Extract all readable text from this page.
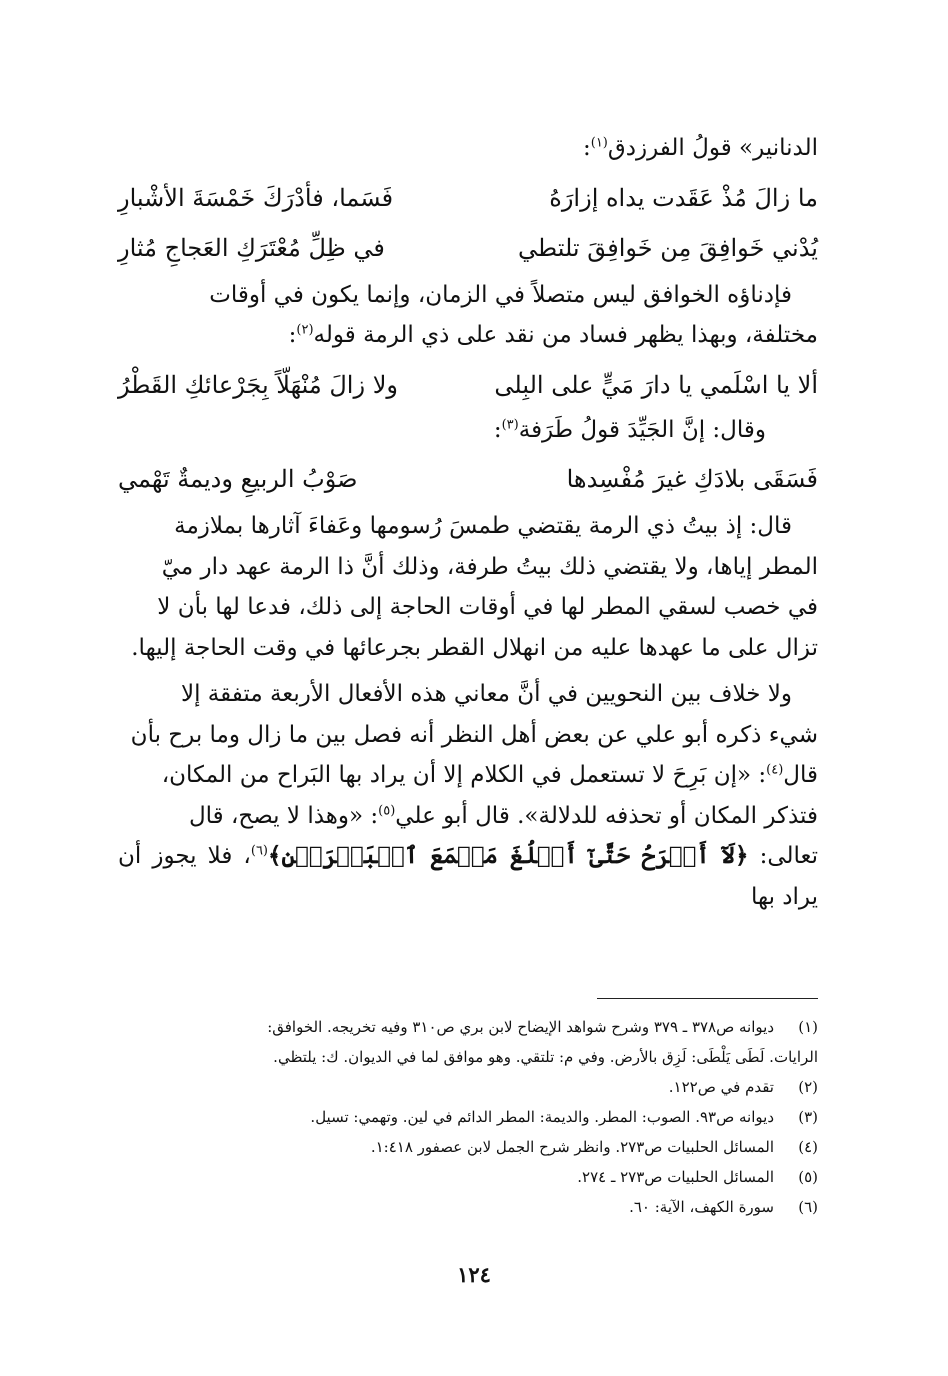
الدنانير» قولُ الفرزدق$^{(١)}$:
ما زالَ مُذْ عَقَدت يداه إزارَهُ
فَسَما، فأدْرَكَ خَمْسَةَ الأشْبارِ
يُدْني خَوافِقَ مِن خَوافِقَ تلتطي
في ظِلِّ مُعْتَرَكِ العَجاجِ مُثارِ
فإدناؤه الخوافق ليس متصلاً في الزمان، وإنما يكون في أوقات
مختلفة، وبهذا يظهر فساد من نقد على ذي الرمة قوله$^{(٢)}$:
ألا يا اسْلَمي يا دارَ مَيٍّ على البِلى
ولا زالَ مُنْهَلّاً بِجَرْعائكِ القَطْرُ
وقال: إنَّ الجَيِّدَ قولُ طَرَفة$^{(٣)}$:
فَسَقَى بلادَكِ غيرَ مُفْسِدها
صَوْبُ الربيعِ وديمةٌ تَهْمي
قال: إذ بيتُ ذي الرمة يقتضي طمسَ رُسومها وعَفاءَ آثارها بملازمة
المطر إياها، ولا يقتضي ذلك بيتُ طرفة، وذلك أنَّ ذا الرمة عهد دار ميّ
في خصب لسقي المطر لها في أوقات الحاجة إلى ذلك، فدعا لها بأن لا
تزال على ما عهدها عليه من انهلال القطر بجرعائها في وقت الحاجة إليها.
ولا خلاف بين النحويين في أنَّ معاني هذه الأفعال الأربعة متفقة إلا
شيء ذكره أبو علي عن بعض أهل النظر أنه فصل بين ما زال وما برح بأن
قال$^{(٤)}$: «إن بَرِحَ لا تستعمل في الكلام إلا أن يراد بها البَراح من المكان،
فتذكر المكان أو تحذفه للدلالة». قال أبو علي$^{(٥)}$: «وهذا لا يصح، قال
تعالى: ﴿لَآ أَبۡرَحُ حَتَّىٰٓ أَبۡلُغَ مَجۡمَعَ ٱلۡبَحۡرَيۡنِ﴾$^{(٦)}$، فلا يجوز أن يراد بها
(١)
ديوانه ص٣٧٨ ـ ٣٧٩ وشرح شواهد الإيضاح لابن بري ص٣١٠ وفيه تخريجه. الخوافق:
الرايات. لَطَى يَلْطَى: لَزِق بالأرض. وفي م: تلتقي. وهو موافق لما في الديوان. ك: يلتظي.
(٢)
تقدم في ص١٢٢.
(٣)
ديوانه ص٩٣. الصوب: المطر. والديمة: المطر الدائم في لين. وتهمي: تسيل.
(٤)
المسائل الحلبيات ص٢٧٣. وانظر شرح الجمل لابن عصفور ١:٤١٨.
(٥)
المسائل الحلبيات ص٢٧٣ ـ ٢٧٤.
(٦)
سورة الكهف، الآية: ٦٠.
١٢٤
